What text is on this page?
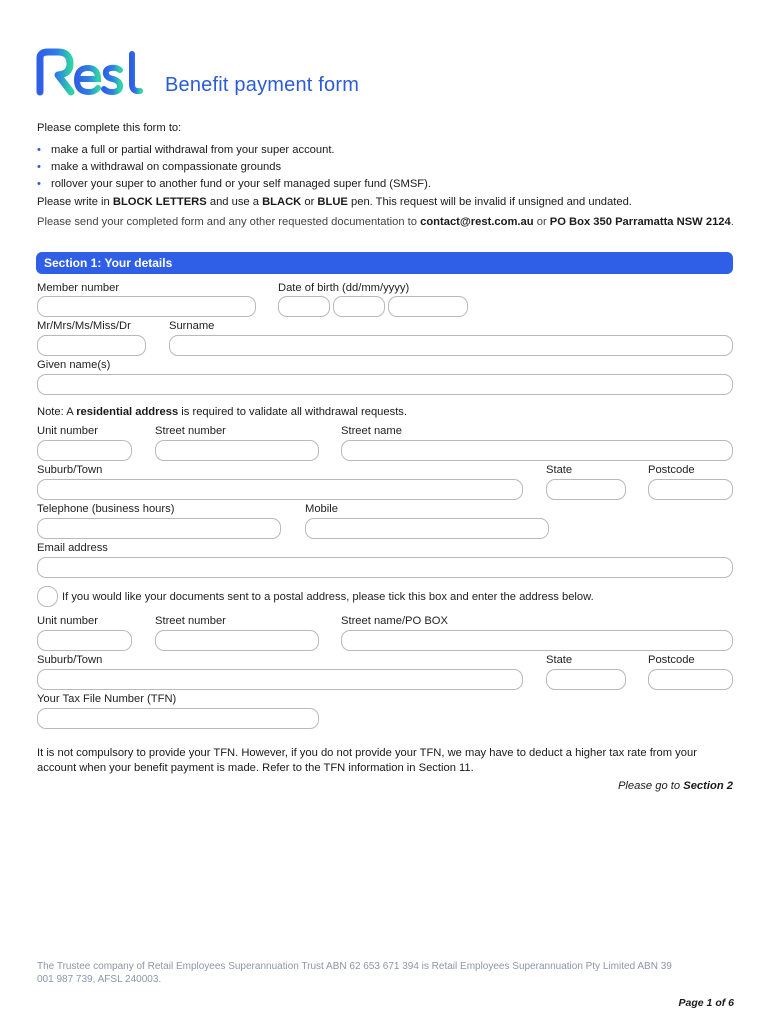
Benefit payment form
Please complete this form to:
• make a full or partial withdrawal from your super account.
• make a withdrawal on compassionate grounds
• rollover your super to another fund or your self managed super fund (SMSF).
Please write in BLOCK LETTERS and use a BLACK or BLUE pen. This request will be invalid if unsigned and undated.
Please send your completed form and any other requested documentation to contact@rest.com.au or PO Box 350 Parramatta NSW 2124.
Section 1: Your details
Member number	Date of birth (dd/mm/yyyy)
Mr/Mrs/Ms/Miss/Dr	Surname
Given name(s)
Note: A residential address is required to validate all withdrawal requests.
Unit number	Street number	Street name
Suburb/Town	State	Postcode
Telephone (business hours)	Mobile
Email address
If you would like your documents sent to a postal address, please tick this box and enter the address below.
Unit number	Street number	Street name/PO BOX
Suburb/Town	State	Postcode
Your Tax File Number (TFN)
It is not compulsory to provide your TFN. However, if you do not provide your TFN, we may have to deduct a higher tax rate from your account when your benefit payment is made. Refer to the TFN information in Section 11.
Please go to Section 2
The Trustee company of Retail Employees Superannuation Trust ABN 62 653 671 394 is Retail Employees Superannuation Pty Limited ABN 39 001 987 739, AFSL 240003.
Page 1 of 6
